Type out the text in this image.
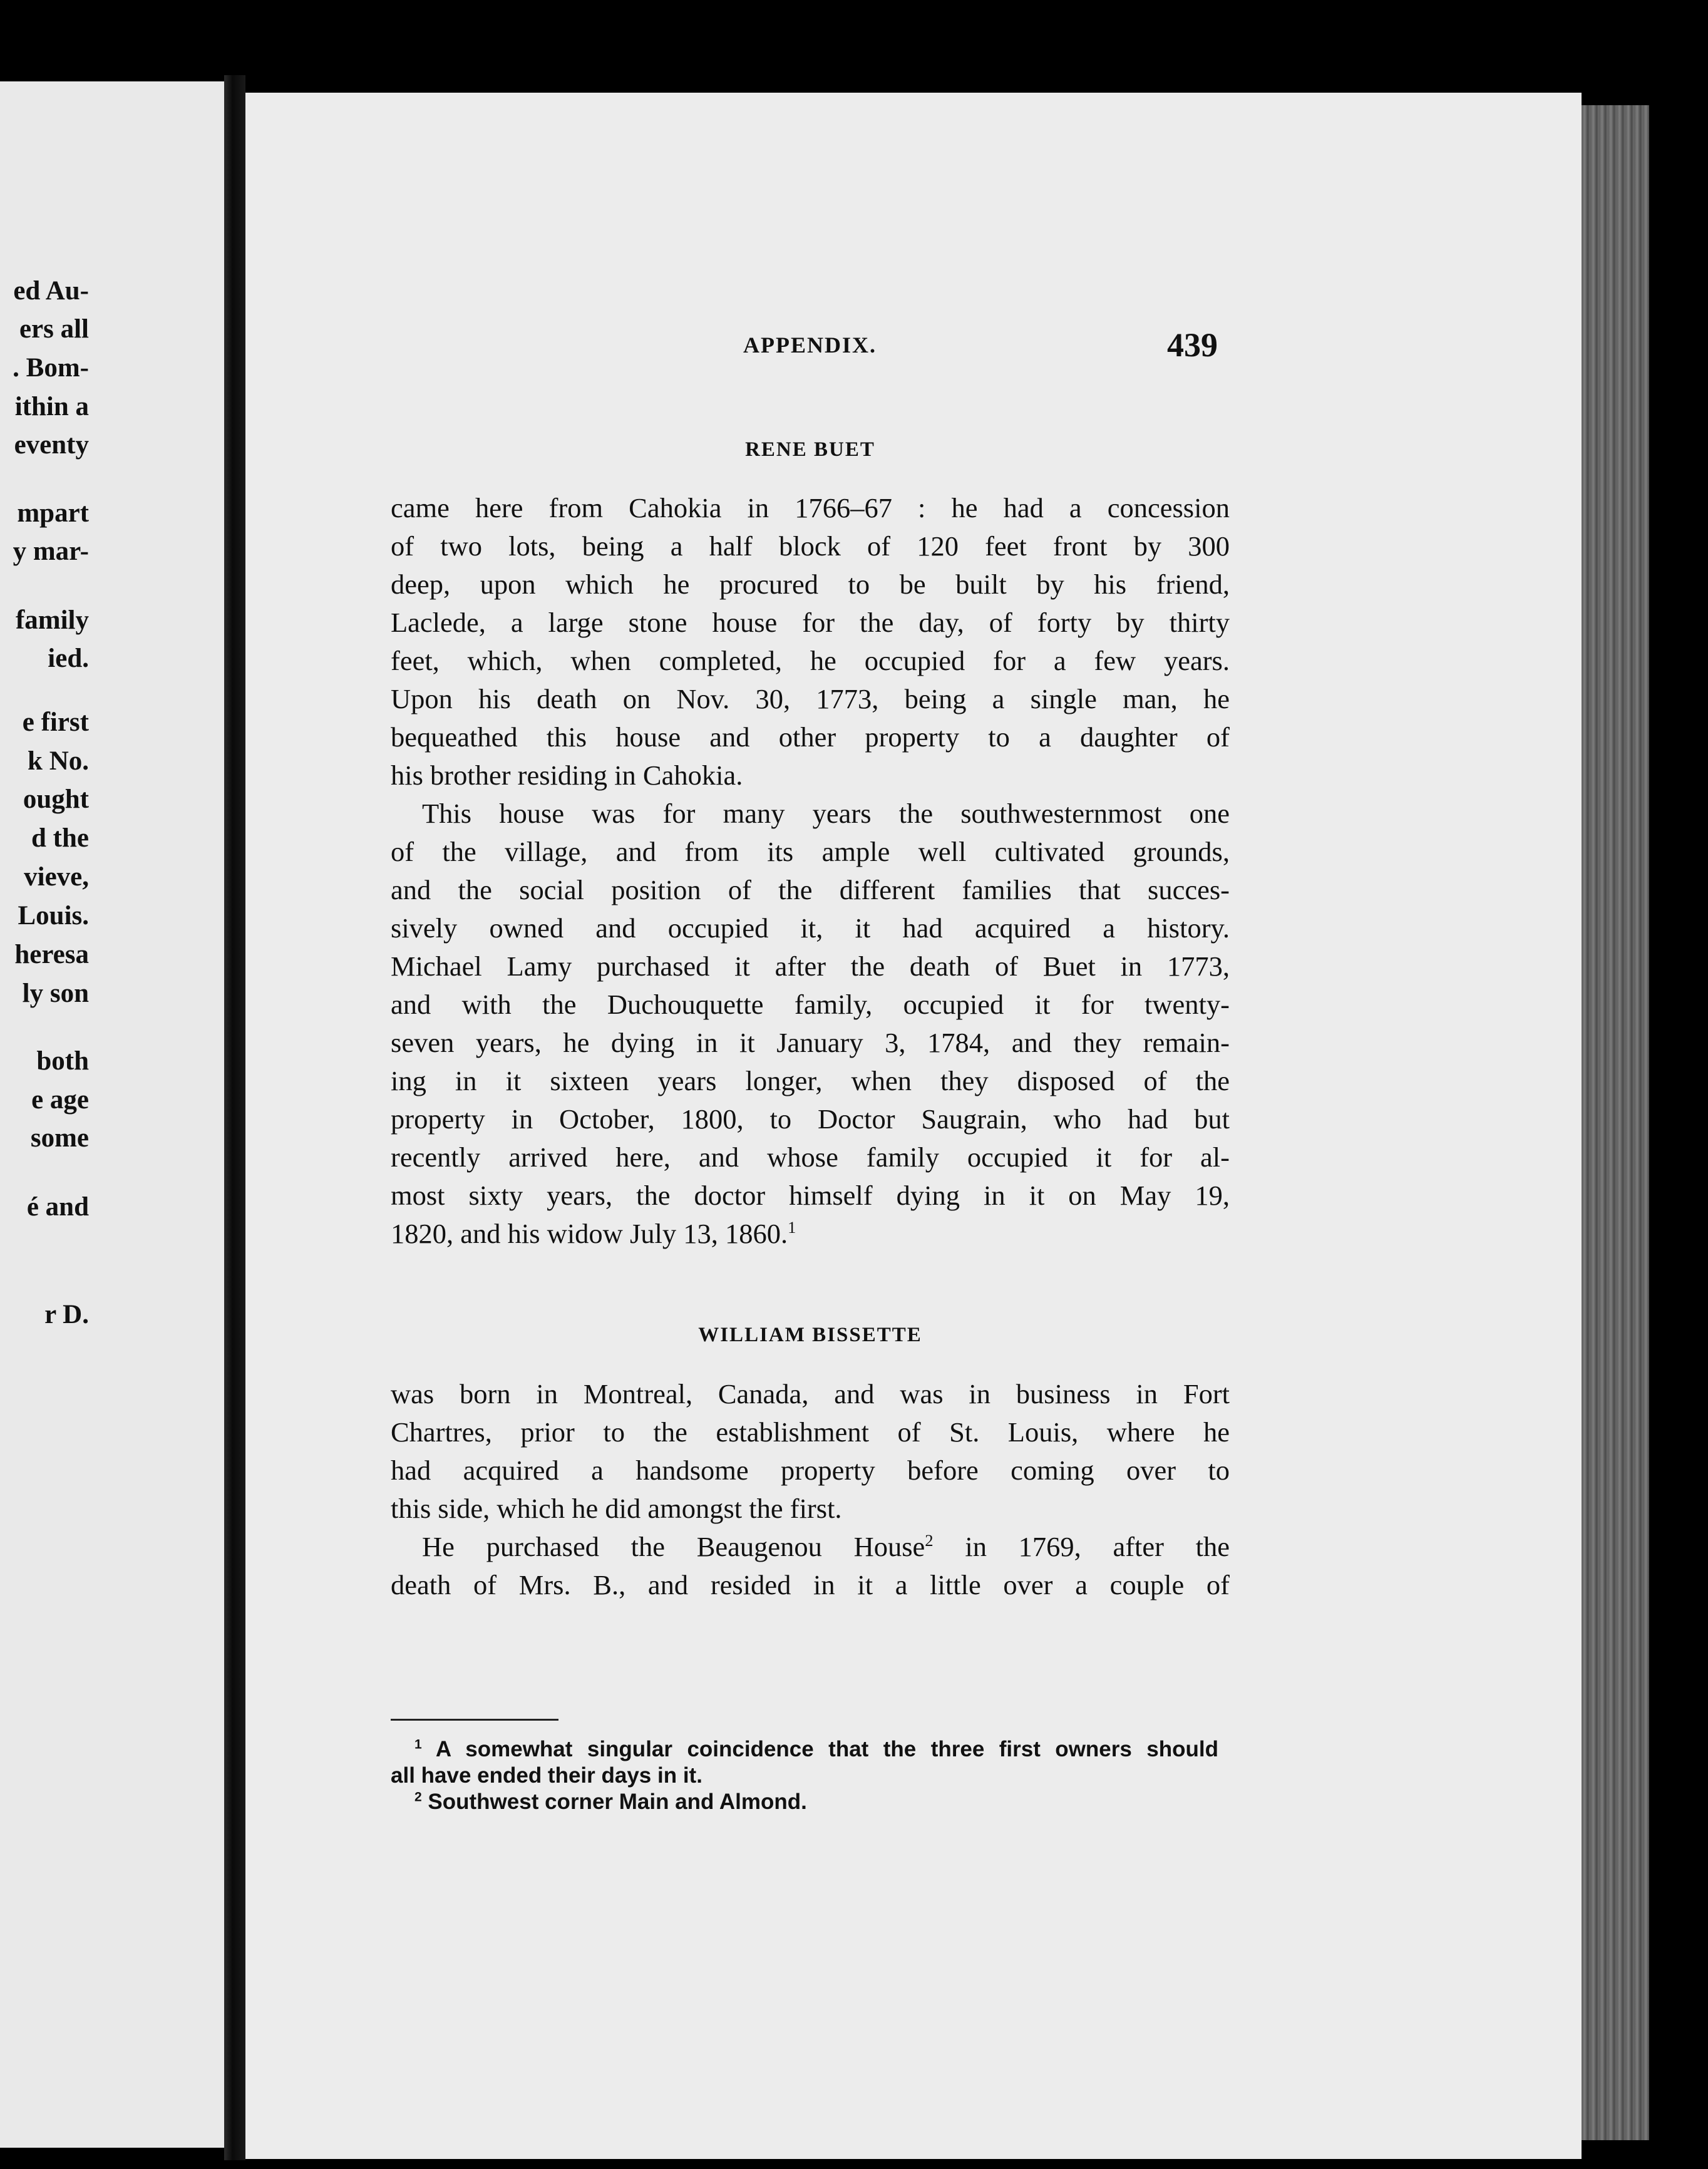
ed Au-
ers all
. Bom-
ithin a
eventy
mpart
y mar-
family
ied.
e first
k No.
ought
d the
vieve,
Louis.
heresa
ly son
both
e age
some
é and
r D.
APPENDIX.	439
RENE BUET
came here from Cahokia in 1766–67 : he had a concession
of two lots, being a half block of 120 feet front by 300
deep, upon which he procured to be built by his friend,
Laclede, a large stone house for the day, of forty by thirty
feet, which, when completed, he occupied for a few years.
Upon his death on Nov. 30, 1773, being a single man, he
bequeathed this house and other property to a daughter of
his brother residing in Cahokia.
This house was for many years the southwesternmost one
of the village, and from its ample well cultivated grounds,
and the social position of the different families that succes-
sively owned and occupied it, it had acquired a history.
Michael Lamy purchased it after the death of Buet in 1773,
and with the Duchouquette family, occupied it for twenty-
seven years, he dying in it January 3, 1784, and they remain-
ing in it sixteen years longer, when they disposed of the
property in October, 1800, to Doctor Saugrain, who had but
recently arrived here, and whose family occupied it for al-
most sixty years, the doctor himself dying in it on May 19,
1820, and his widow July 13, 1860.$^1$
WILLIAM BISSETTE
was born in Montreal, Canada, and was in business in Fort
Chartres, prior to the establishment of St. Louis, where he
had acquired a handsome property before coming over to
this side, which he did amongst the first.
He purchased the Beaugenou House$^2$ in 1769, after the
death of Mrs. B., and resided in it a little over a couple of
$^1$ A somewhat singular coincidence that the three first owners should
all have ended their days in it.
$^2$ Southwest corner Main and Almond.
